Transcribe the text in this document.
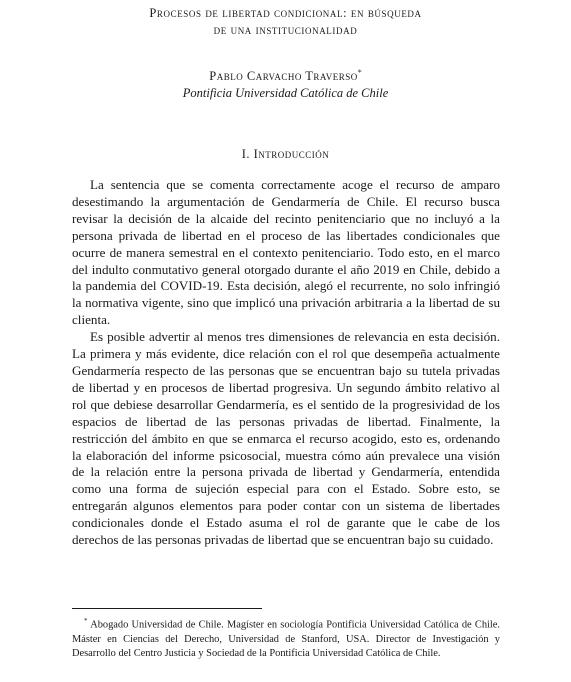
Procesos de libertad condicional: en búsqueda
de una institucionalidad
Pablo Carvacho Traverso*
Pontificia Universidad Católica de Chile
I. Introducción

La sentencia que se comenta correctamente acoge el recurso de amparo desestimando la argumentación de Gendarmería de Chile. El recurso busca revisar la decisión de la alcaide del recinto penitenciario que no incluyó a la persona privada de libertad en el proceso de las libertades condicionales que ocurre de manera semestral en el contexto penitenciario. Todo esto, en el marco del indulto conmutativo general otorgado durante el año 2019 en Chile, debido a la pandemia del COVID-19. Esta decisión, alegó el recurrente, no solo infringió la normativa vigente, sino que implicó una privación arbitraria a la libertad de su clienta.

Es posible advertir al menos tres dimensiones de relevancia en esta decisión. La primera y más evidente, dice relación con el rol que desempeña actualmente Gendarmería respecto de las personas que se encuentran bajo su tutela privadas de libertad y en procesos de libertad progresiva. Un segundo ámbito relativo al rol que debiese desarrollar Gendarmería, es el sentido de la progresividad de los espacios de libertad de las personas privadas de libertad. Finalmente, la restricción del ámbito en que se enmarca el recurso acogido, esto es, ordenando la elaboración del informe psicosocial, muestra cómo aún prevalece una visión de la relación entre la persona privada de libertad y Gendarmería, entendida como una forma de sujeción especial para con el Estado. Sobre esto, se entregarán algunos elementos para poder contar con un sistema de libertades condicionales donde el Estado asuma el rol de garante que le cabe de los derechos de las personas privadas de libertad que se encuentran bajo su cuidado.

* Abogado Universidad de Chile. Magíster en sociología Pontificia Universidad Católica de Chile. Máster en Ciencias del Derecho, Universidad de Stanford, USA. Director de Investigación y Desarrollo del Centro Justicia y Sociedad de la Pontificia Universidad Católica de Chile.
